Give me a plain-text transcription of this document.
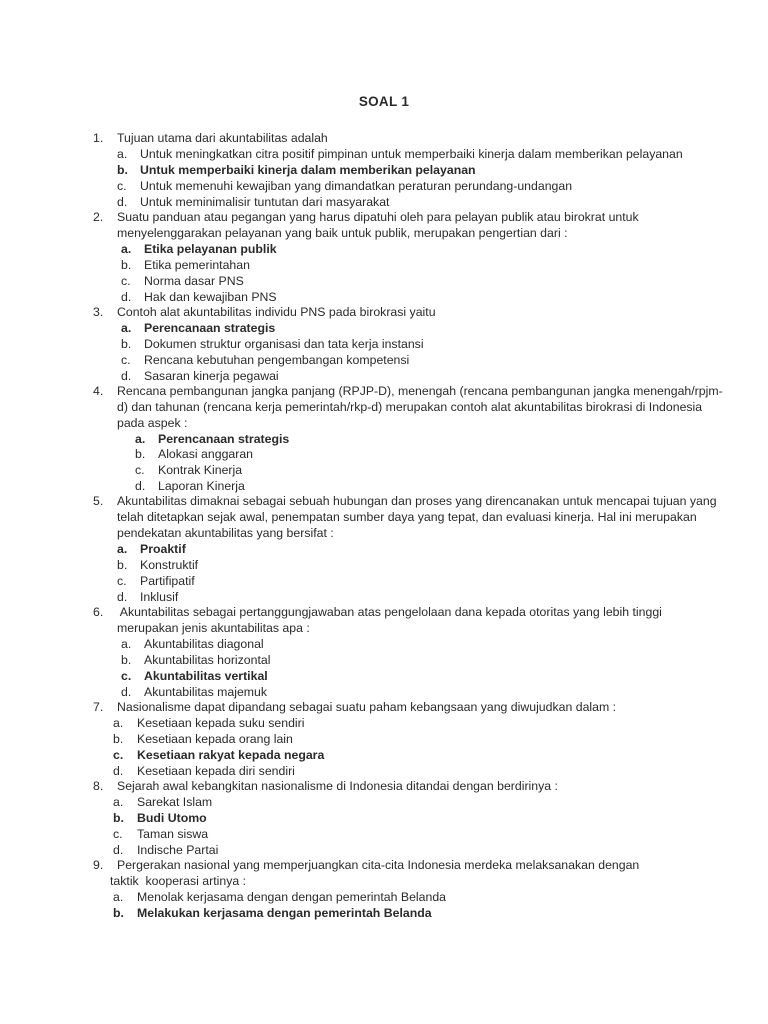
SOAL 1
1. Tujuan utama dari akuntabilitas adalah
a. Untuk meningkatkan citra positif pimpinan untuk memperbaiki kinerja dalam memberikan pelayanan
b. Untuk memperbaiki kinerja dalam memberikan pelayanan
c. Untuk memenuhi kewajiban yang dimandatkan peraturan perundang-undangan
d. Untuk meminimalisir tuntutan dari masyarakat
2. Suatu panduan atau pegangan yang harus dipatuhi oleh para pelayan publik atau birokrat untuk
menyelenggarakan pelayanan yang baik untuk publik, merupakan pengertian dari :
a. Etika pelayanan publik
b. Etika pemerintahan
c. Norma dasar PNS
d. Hak dan kewajiban PNS
3. Contoh alat akuntabilitas individu PNS pada birokrasi yaitu
a. Perencanaan strategis
b. Dokumen struktur organisasi dan tata kerja instansi
c. Rencana kebutuhan pengembangan kompetensi
d. Sasaran kinerja pegawai
4. Rencana pembangunan jangka panjang (RPJP-D), menengah (rencana pembangunan jangka menengah/rpjm-
d) dan tahunan (rencana kerja pemerintah/rkp-d) merupakan contoh alat akuntabilitas birokrasi di Indonesia
pada aspek :
a. Perencanaan strategis
b. Alokasi anggaran
c. Kontrak Kinerja
d. Laporan Kinerja
5. Akuntabilitas dimaknai sebagai sebuah hubungan dan proses yang direncanakan untuk mencapai tujuan yang
telah ditetapkan sejak awal, penempatan sumber daya yang tepat, dan evaluasi kinerja. Hal ini merupakan
pendekatan akuntabilitas yang bersifat :
a. Proaktif
b. Konstruktif
c. Partifipatif
d. Inklusif
6. Akuntabilitas sebagai pertanggungjawaban atas pengelolaan dana kepada otoritas yang lebih tinggi
merupakan jenis akuntabilitas apa :
a. Akuntabilitas diagonal
b. Akuntabilitas horizontal
c. Akuntabilitas vertikal
d. Akuntabilitas majemuk
7. Nasionalisme dapat dipandang sebagai suatu paham kebangsaan yang diwujudkan dalam :
a. Kesetiaan kepada suku sendiri
b. Kesetiaan kepada orang lain
c. Kesetiaan rakyat kepada negara
d. Kesetiaan kepada diri sendiri
8. Sejarah awal kebangkitan nasionalisme di Indonesia ditandai dengan berdirinya :
a. Sarekat Islam
b. Budi Utomo
c. Taman siswa
d. Indische Partai
9. Pergerakan nasional yang memperjuangkan cita-cita Indonesia merdeka melaksanakan dengan
taktik  kooperasi artinya :
a. Menolak kerjasama dengan dengan pemerintah Belanda
b. Melakukan kerjasama dengan pemerintah Belanda
